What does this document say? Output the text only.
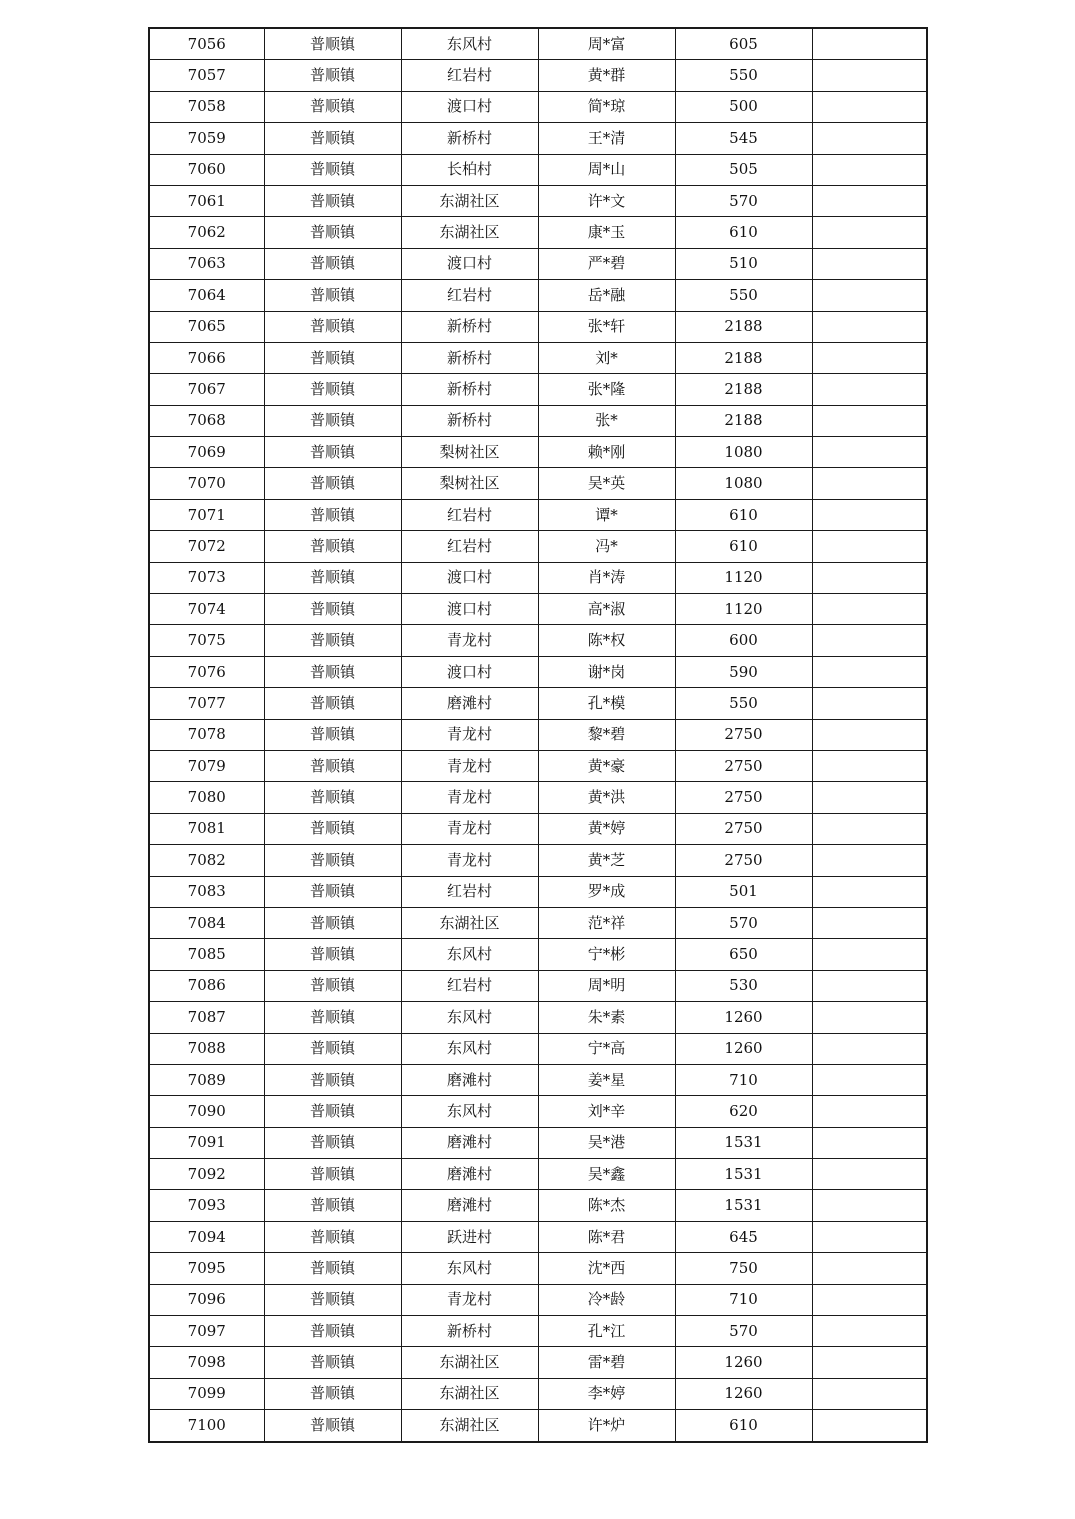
7056	普顺镇	东风村	周*富	605	
7057	普顺镇	红岩村	黄*群	550	
7058	普顺镇	渡口村	简*琼	500	
7059	普顺镇	新桥村	王*清	545	
7060	普顺镇	长柏村	周*山	505	
7061	普顺镇	东湖社区	许*文	570	
7062	普顺镇	东湖社区	康*玉	610	
7063	普顺镇	渡口村	严*碧	510	
7064	普顺镇	红岩村	岳*融	550	
7065	普顺镇	新桥村	张*轩	2188	
7066	普顺镇	新桥村	刘*	2188	
7067	普顺镇	新桥村	张*隆	2188	
7068	普顺镇	新桥村	张*	2188	
7069	普顺镇	梨树社区	赖*刚	1080	
7070	普顺镇	梨树社区	吴*英	1080	
7071	普顺镇	红岩村	谭*	610	
7072	普顺镇	红岩村	冯*	610	
7073	普顺镇	渡口村	肖*涛	1120	
7074	普顺镇	渡口村	高*淑	1120	
7075	普顺镇	青龙村	陈*权	600	
7076	普顺镇	渡口村	谢*岗	590	
7077	普顺镇	磨滩村	孔*模	550	
7078	普顺镇	青龙村	黎*碧	2750	
7079	普顺镇	青龙村	黄*豪	2750	
7080	普顺镇	青龙村	黄*洪	2750	
7081	普顺镇	青龙村	黄*婷	2750	
7082	普顺镇	青龙村	黄*芝	2750	
7083	普顺镇	红岩村	罗*成	501	
7084	普顺镇	东湖社区	范*祥	570	
7085	普顺镇	东风村	宁*彬	650	
7086	普顺镇	红岩村	周*明	530	
7087	普顺镇	东风村	朱*素	1260	
7088	普顺镇	东风村	宁*高	1260	
7089	普顺镇	磨滩村	姜*星	710	
7090	普顺镇	东风村	刘*辛	620	
7091	普顺镇	磨滩村	吴*港	1531	
7092	普顺镇	磨滩村	吴*鑫	1531	
7093	普顺镇	磨滩村	陈*杰	1531	
7094	普顺镇	跃进村	陈*君	645	
7095	普顺镇	东风村	沈*西	750	
7096	普顺镇	青龙村	冷*龄	710	
7097	普顺镇	新桥村	孔*江	570	
7098	普顺镇	东湖社区	雷*碧	1260	
7099	普顺镇	东湖社区	李*婷	1260	
7100	普顺镇	东湖社区	许*炉	610	
